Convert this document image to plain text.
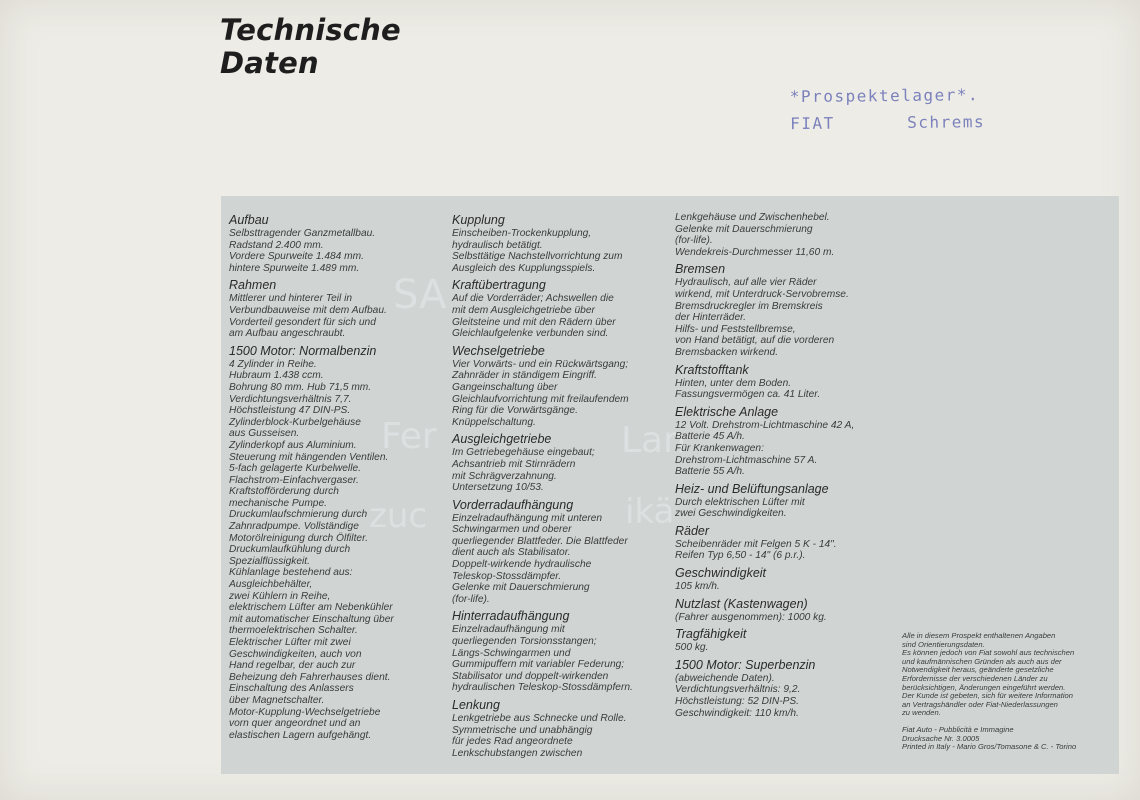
Technische
Daten
*Prospektelager*.
FIAT	Schrems
SA
Fer	Lan
zuc	ikä
Aufbau
Selbsttragender Ganzmetallbau.
Radstand 2.400 mm.
Vordere Spurweite 1.484 mm.
hintere Spurweite 1.489 mm.
Rahmen
Mittlerer und hinterer Teil in
Verbundbauweise mit dem Aufbau.
Vorderteil gesondert für sich und
am Aufbau angeschraubt.
1500 Motor: Normalbenzin
4 Zylinder in Reihe.
Hubraum 1.438 ccm.
Bohrung 80 mm. Hub 71,5 mm.
Verdichtungsverhältnis 7,7.
Höchstleistung 47 DIN-PS.
Zylinderblock-Kurbelgehäuse
aus Gusseisen.
Zylinderkopf aus Aluminium.
Steuerung mit hängenden Ventilen.
5-fach gelagerte Kurbelwelle.
Flachstrom-Einfachvergaser.
Kraftstofförderung durch
mechanische Pumpe.
Druckumlaufschmierung durch
Zahnradpumpe. Vollständige
Motorölreinigung durch Ölfilter.
Druckumlaufkühlung durch
Spezialflüssigkeit.
Kühlanlage bestehend aus:
Ausgleichbehälter,
zwei Kühlern in Reihe,
elektrischem Lüfter am Nebenkühler
mit automatischer Einschaltung über
thermoelektrischen Schalter.
Elektrischer Lüfter mit zwei
Geschwindigkeiten, auch von
Hand regelbar, der auch zur
Beheizung deh Fahrerhauses dient.
Einschaltung des Anlassers
über Magnetschalter.
Motor-Kupplung-Wechselgetriebe
vorn quer angeordnet und an
elastischen Lagern aufgehängt.
Kupplung
Einscheiben-Trockenkupplung,
hydraulisch betätigt.
Selbsttätige Nachstellvorrichtung zum
Ausgleich des Kupplungsspiels.
Kraftübertragung
Auf die Vorderräder; Achswellen die
mit dem Ausgleichgetriebe über
Gleitsteine und mit den Rädern über
Gleichlaufgelenke verbunden sind.
Wechselgetriebe
Vier Vorwärts- und ein Rückwärtsgang;
Zahnräder in ständigem Eingriff.
Gangeinschaltung über
Gleichlaufvorrichtung mit freilaufendem
Ring für die Vorwärtsgänge.
Knüppelschaltung.
Ausgleichgetriebe
Im Getriebegehäuse eingebaut;
Achsantrieb mit Stirnrädern
mit Schrägverzahnung.
Untersetzung 10/53.
Vorderradaufhängung
Einzelradaufhängung mit unteren
Schwingarmen und oberer
querliegender Blattfeder. Die Blattfeder
dient auch als Stabilisator.
Doppelt-wirkende hydraulische
Teleskop-Stossdämpfer.
Gelenke mit Dauerschmierung
(for-life).
Hinterradaufhängung
Einzelradaufhängung mit
querliegenden Torsionsstangen;
Längs-Schwingarmen und
Gummipuffern mit variabler Federung;
Stabilisator und doppelt-wirkenden
hydraulischen Teleskop-Stossdämpfern.
Lenkung
Lenkgetriebe aus Schnecke und Rolle.
Symmetrische und unabhängig
für jedes Rad angeordnete
Lenkschubstangen zwischen
Lenkgehäuse und Zwischenhebel.
Gelenke mit Dauerschmierung
(for-life).
Wendekreis-Durchmesser 11,60 m.
Bremsen
Hydraulisch, auf alle vier Räder
wirkend, mit Unterdruck-Servobremse.
Bremsdruckregler im Bremskreis
der Hinterräder.
Hilfs- und Feststellbremse,
von Hand betätigt, auf die vorderen
Bremsbacken wirkend.
Kraftstofftank
Hinten, unter dem Boden.
Fassungsvermögen ca. 41 Liter.
Elektrische Anlage
12 Volt. Drehstrom-Lichtmaschine 42 A,
Batterie 45 A/h.
Für Krankenwagen:
Drehstrom-Lichtmaschine 57 A.
Batterie 55 A/h.
Heiz- und Belüftungsanlage
Durch elektrischen Lüfter mit
zwei Geschwindigkeiten.
Räder
Scheibenräder mit Felgen 5 K - 14".
Reifen Typ 6,50 - 14" (6 p.r.).
Geschwindigkeit
105 km/h.
Nutzlast (Kastenwagen)
(Fahrer ausgenommen): 1000 kg.
Tragfähigkeit
500 kg.
1500 Motor: Superbenzin
(abweichende Daten).
Verdichtungsverhältnis: 9,2.
Höchstleistung: 52 DIN-PS.
Geschwindigkeit: 110 km/h.
Alle in diesem Prospekt enthaltenen Angaben
sind Orientierungsdaten.
Es können jedoch von Fiat sowohl aus technischen
und kaufmännischen Gründen als auch aus der
Notwendigkeit heraus, geänderte gesetzliche
Erfordernisse der verschiedenen Länder zu
berücksichtigen, Änderungen eingeführt werden.
Der Kunde ist gebeten, sich für weitere Information
an Vertragshändler oder Fiat-Niederlassungen
zu wenden.
Fiat Auto - Pubblicità e Immagine
Drucksache Nr. 3.0005
Printed in Italy - Mario Gros/Tomasone & C. - Torino
